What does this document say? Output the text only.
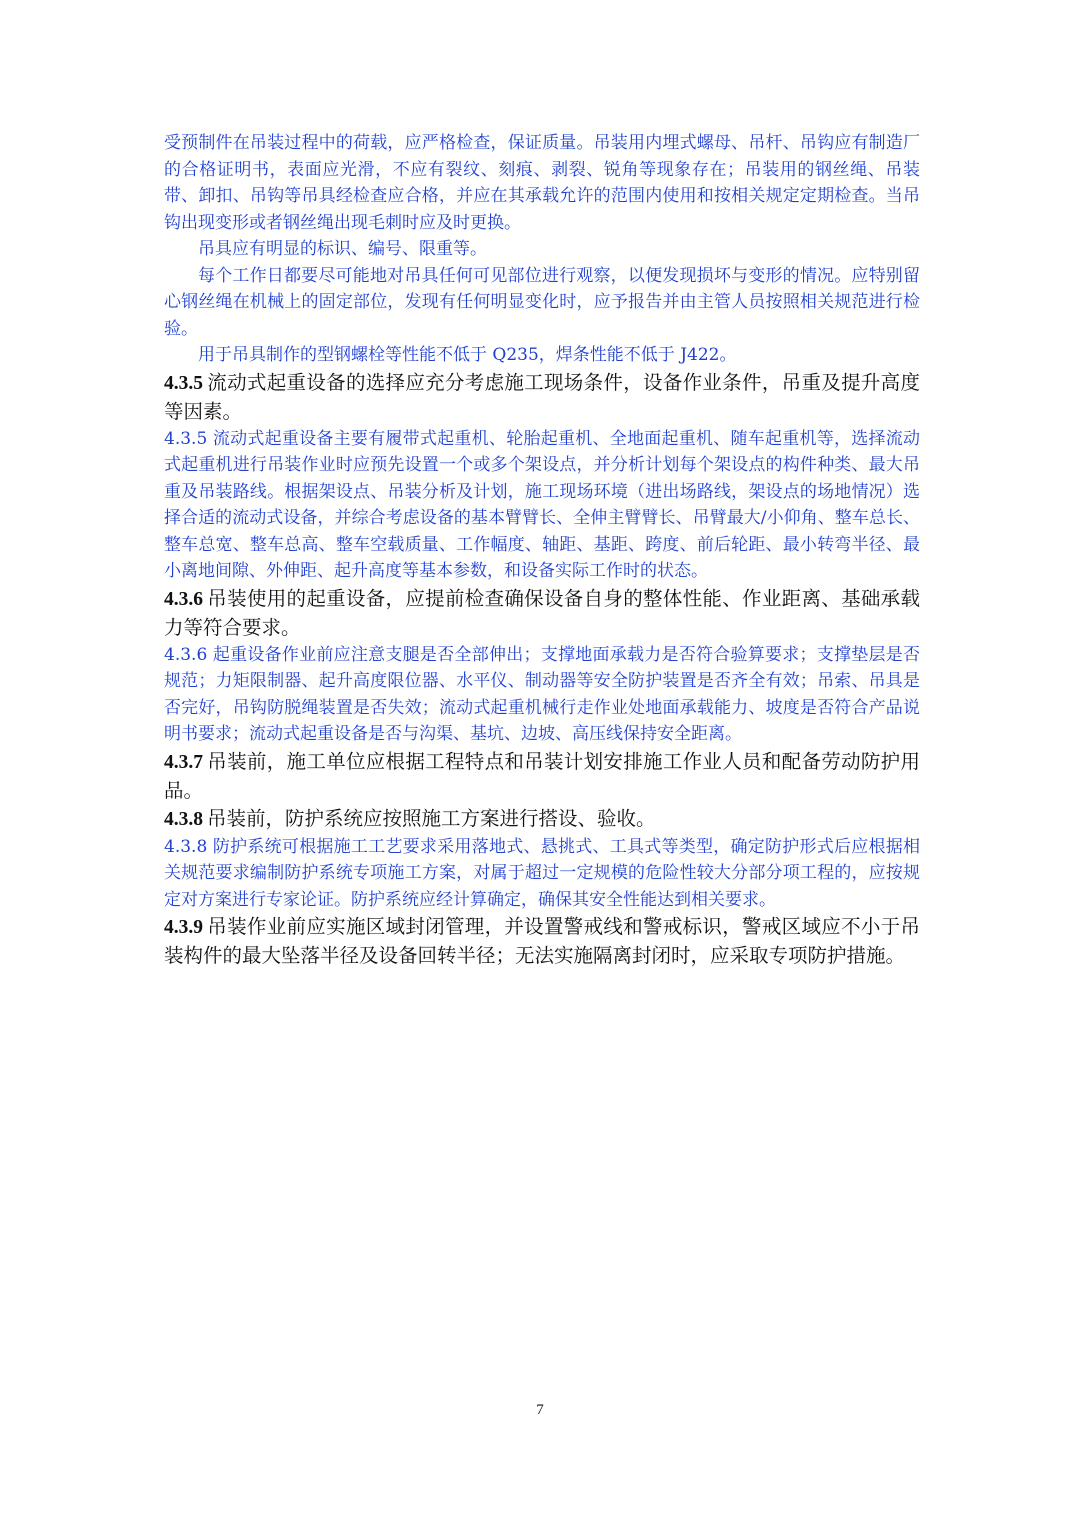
受预制件在吊装过程中的荷载，应严格检查，保证质量。吊装用内埋式螺母、吊杆、吊钩应有制造厂的合格证明书，表面应光滑，不应有裂纹、刻痕、剥裂、锐角等现象存在；吊装用的钢丝绳、吊装带、卸扣、吊钩等吊具经检查应合格，并应在其承载允许的范围内使用和按相关规定定期检查。当吊钩出现变形或者钢丝绳出现毛刺时应及时更换。

吊具应有明显的标识、编号、限重等。

每个工作日都要尽可能地对吊具任何可见部位进行观察，以便发现损坏与变形的情况。应特别留心钢丝绳在机械上的固定部位，发现有任何明显变化时，应予报告并由主管人员按照相关规范进行检验。

用于吊具制作的型钢螺栓等性能不低于 Q235，焊条性能不低于 J422。

4.3.5 流动式起重设备的选择应充分考虑施工现场条件，设备作业条件，吊重及提升高度等因素。

4.3.5 流动式起重设备主要有履带式起重机、轮胎起重机、全地面起重机、随车起重机等，选择流动式起重机进行吊装作业时应预先设置一个或多个架设点，并分析计划每个架设点的构件种类、最大吊重及吊装路线。根据架设点、吊装分析及计划，施工现场环境（进出场路线，架设点的场地情况）选择合适的流动式设备，并综合考虑设备的基本臂臂长、全伸主臂臂长、吊臂最大/小仰角、整车总长、整车总宽、整车总高、整车空载质量、工作幅度、轴距、基距、跨度、前后轮距、最小转弯半径、最小离地间隙、外伸距、起升高度等基本参数，和设备实际工作时的状态。

4.3.6 吊装使用的起重设备，应提前检查确保设备自身的整体性能、作业距离、基础承载力等符合要求。

4.3.6 起重设备作业前应注意支腿是否全部伸出；支撑地面承载力是否符合验算要求；支撑垫层是否规范；力矩限制器、起升高度限位器、水平仪、制动器等安全防护装置是否齐全有效；吊索、吊具是否完好，吊钩防脱绳装置是否失效；流动式起重机械行走作业处地面承载能力、坡度是否符合产品说明书要求；流动式起重设备是否与沟渠、基坑、边坡、高压线保持安全距离。

4.3.7 吊装前，施工单位应根据工程特点和吊装计划安排施工作业人员和配备劳动防护用品。

4.3.8 吊装前，防护系统应按照施工方案进行搭设、验收。

4.3.8 防护系统可根据施工工艺要求采用落地式、悬挑式、工具式等类型，确定防护形式后应根据相关规范要求编制防护系统专项施工方案，对属于超过一定规模的危险性较大分部分项工程的，应按规定对方案进行专家论证。防护系统应经计算确定，确保其安全性能达到相关要求。

4.3.9 吊装作业前应实施区域封闭管理，并设置警戒线和警戒标识，警戒区域应不小于吊装构件的最大坠落半径及设备回转半径；无法实施隔离封闭时，应采取专项防护措施。

7
